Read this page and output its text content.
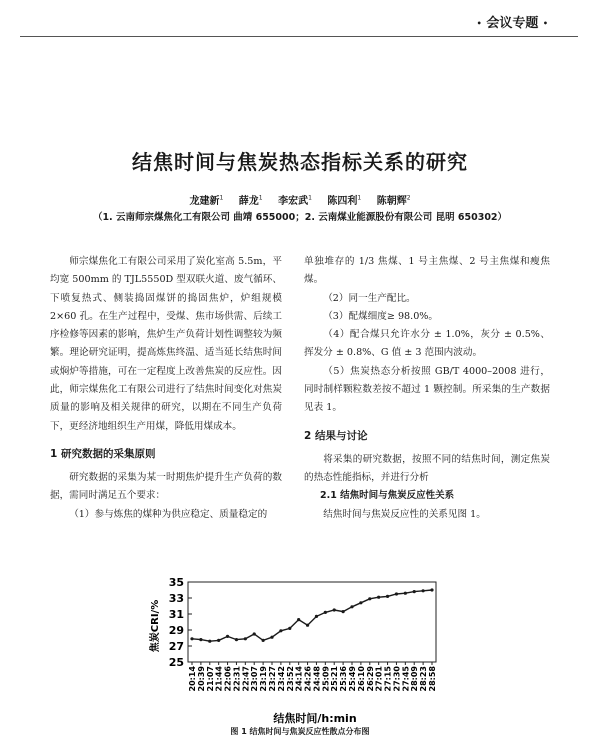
• 会议专题 •
结焦时间与焦炭热态指标关系的研究
龙建新$^1$ 薛龙$^1$ 李宏武$^1$ 陈四利$^1$ 陈朝辉$^2$
（1. 云南师宗煤焦化工有限公司 曲靖 655000；2. 云南煤业能源股份有限公司 昆明 650302）

师宗煤焦化工有限公司采用了炭化室高 5.5m，平均宽 500mm 的 TJL5550D 型双联火道、废气循环、下喷复热式、侧装捣固煤饼的捣固焦炉，炉组规模 2×60 孔。在生产过程中，受煤、焦市场供需、后续工序检修等因素的影响，焦炉生产负荷计划性调整较为频繁。理论研究证明，提高炼焦终温、适当延长结焦时间或焖炉等措施，可在一定程度上改善焦炭的反应性。因此，师宗煤焦化工有限公司进行了结焦时间变化对焦炭质量的影响及相关规律的研究，以期在不同生产负荷下，更经济地组织生产用煤，降低用煤成本。

1 研究数据的采集原则

研究数据的采集为某一时期焦炉提升生产负荷的数据，需同时满足五个要求：

（1）参与炼焦的煤种为供应稳定、质量稳定的

单独堆存的 1/3 焦煤、1 号主焦煤、2 号主焦煤和瘦焦煤。

（2）同一生产配比。

（3）配煤细度≥ 98.0%。

（4）配合煤只允许水分 ± 1.0%，灰分 ± 0.5%、挥发分 ± 0.8%、G 值 ± 3 范围内波动。

（5）焦炭热态分析按照 GB/T 4000–2008 进行，同时制样颗粒数差按不超过 1 颗控制。所采集的生产数据见表 1。

2 结果与讨论

将采集的研究数据，按照不同的结焦时间，测定焦炭的热态性能指标，并进行分析

2.1 结焦时间与焦炭反应性关系

结焦时间与焦炭反应性的关系见图 1。

25
27
29
31
33
35
20:14 20:39 21:07 21:44 22:06 22:31 22:47 23:07 23:19 23:27 23:42 23:52 24:14 24:26 24:48 25:09 25:21 25:36 25:49 26:10 26:29 27:01 27:15 27:30 27:45 28:09 28:23 28:58
焦炭CRI/%
结焦时间/h:min
图 1 结焦时间与焦炭反应性散点分布图
